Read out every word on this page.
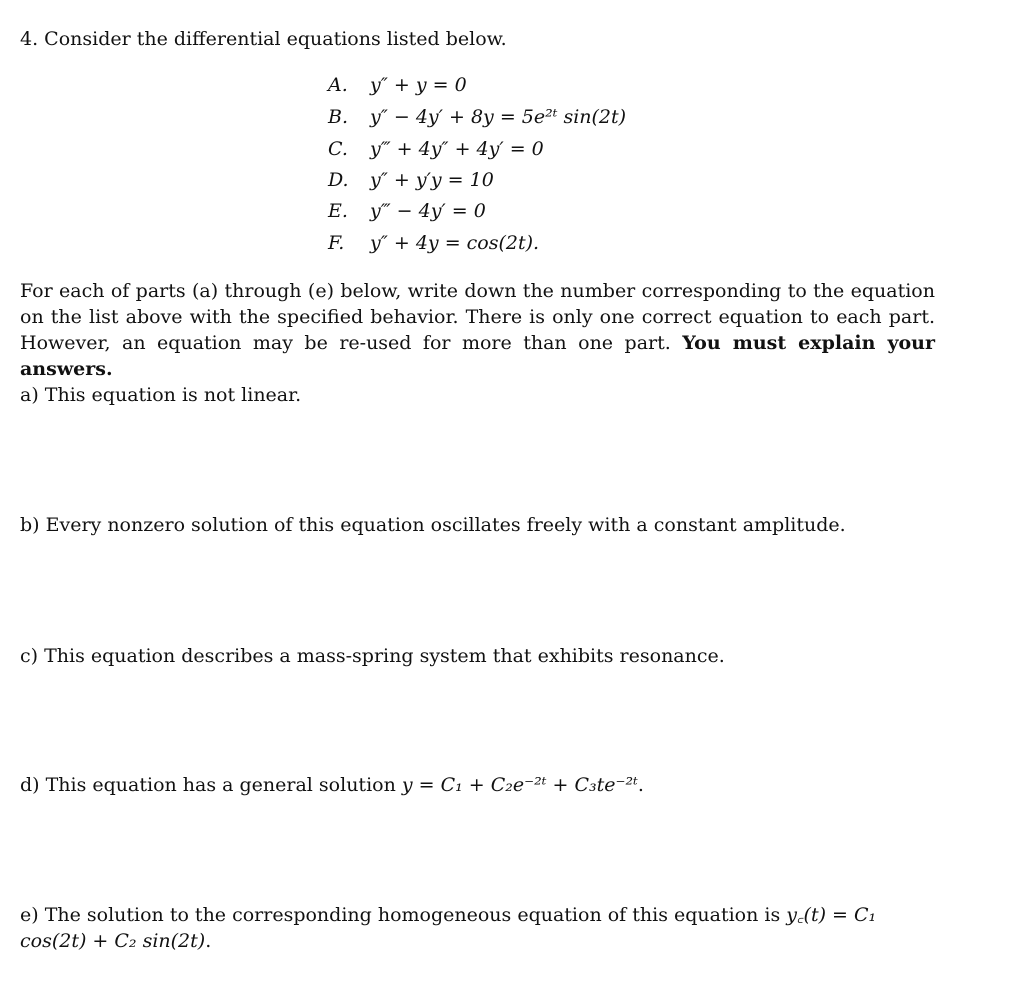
4. Consider the differential equations listed below.
A. y″ + y = 0
B. y″ − 4y′ + 8y = 5e²ᵗ sin(2t)
C. y‴ + 4y″ + 4y′ = 0
D. y″ + y′y = 10
E. y‴ − 4y′ = 0
F. y″ + 4y = cos(2t).
For each of parts (a) through (e) below, write down the number corresponding to the equation on the list above with the specified behavior. There is only one correct equation to each part. However, an equation may be re-used for more than one part. You must explain your answers.
a) This equation is not linear.
b) Every nonzero solution of this equation oscillates freely with a constant amplitude.
c) This equation describes a mass-spring system that exhibits resonance.
d) This equation has a general solution y = C₁ + C₂e⁻²ᵗ + C₃te⁻²ᵗ.
e) The solution to the corresponding homogeneous equation of this equation is y꜀(t) = C₁ cos(2t) + C₂ sin(2t).
